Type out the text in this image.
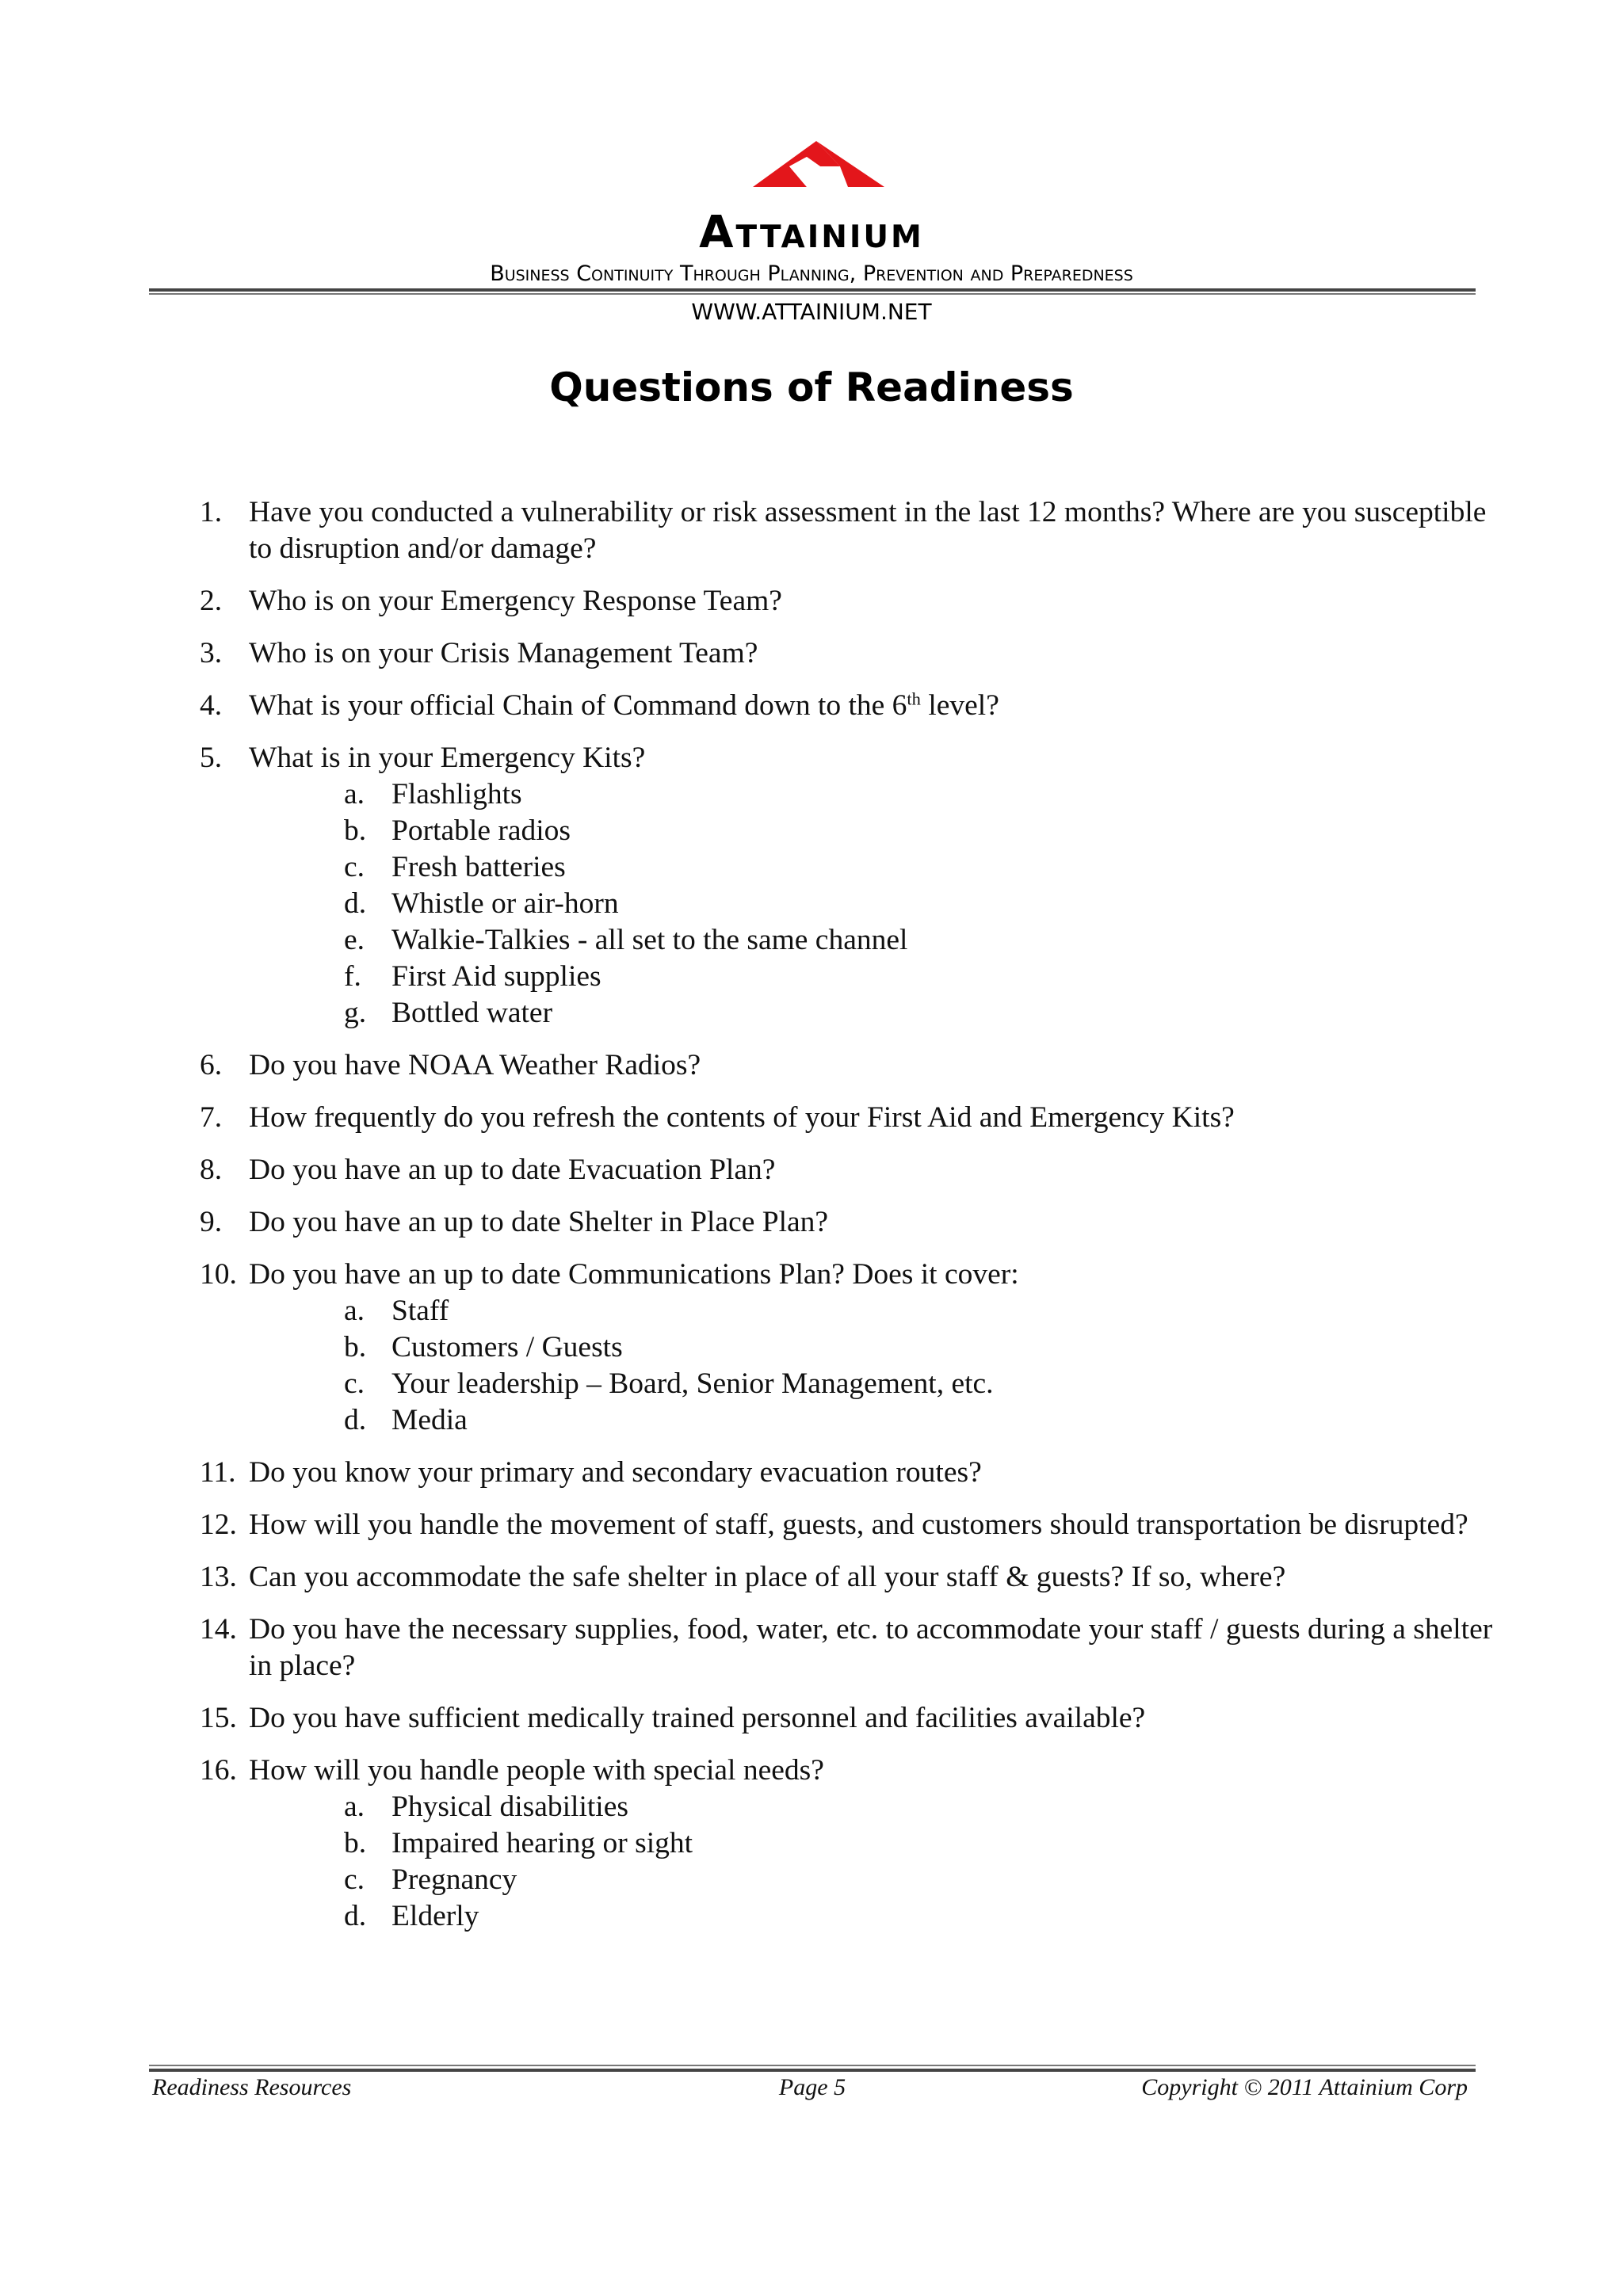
Attainium
Business Continuity Through Planning, Prevention and Preparedness
WWW.ATTAINIUM.NET
Questions of Readiness
1. Have you conducted a vulnerability or risk assessment in the last 12 months? Where are you susceptible to disruption and/or damage?
2. Who is on your Emergency Response Team?
3. Who is on your Crisis Management Team?
4. What is your official Chain of Command down to the 6th level?
5. What is in your Emergency Kits?
a. Flashlights
b. Portable radios
c. Fresh batteries
d. Whistle or air-horn
e. Walkie-Talkies - all set to the same channel
f. First Aid supplies
g. Bottled water
6. Do you have NOAA Weather Radios?
7. How frequently do you refresh the contents of your First Aid and Emergency Kits?
8. Do you have an up to date Evacuation Plan?
9. Do you have an up to date Shelter in Place Plan?
10. Do you have an up to date Communications Plan? Does it cover:
a. Staff
b. Customers / Guests
c. Your leadership – Board, Senior Management, etc.
d. Media
11. Do you know your primary and secondary evacuation routes?
12. How will you handle the movement of staff, guests, and customers should transportation be disrupted?
13. Can you accommodate the safe shelter in place of all your staff & guests? If so, where?
14. Do you have the necessary supplies, food, water, etc. to accommodate your staff / guests during a shelter in place?
15. Do you have sufficient medically trained personnel and facilities available?
16. How will you handle people with special needs?
a. Physical disabilities
b. Impaired hearing or sight
c. Pregnancy
d. Elderly
Readiness Resources	Page 5	Copyright © 2011 Attainium Corp
